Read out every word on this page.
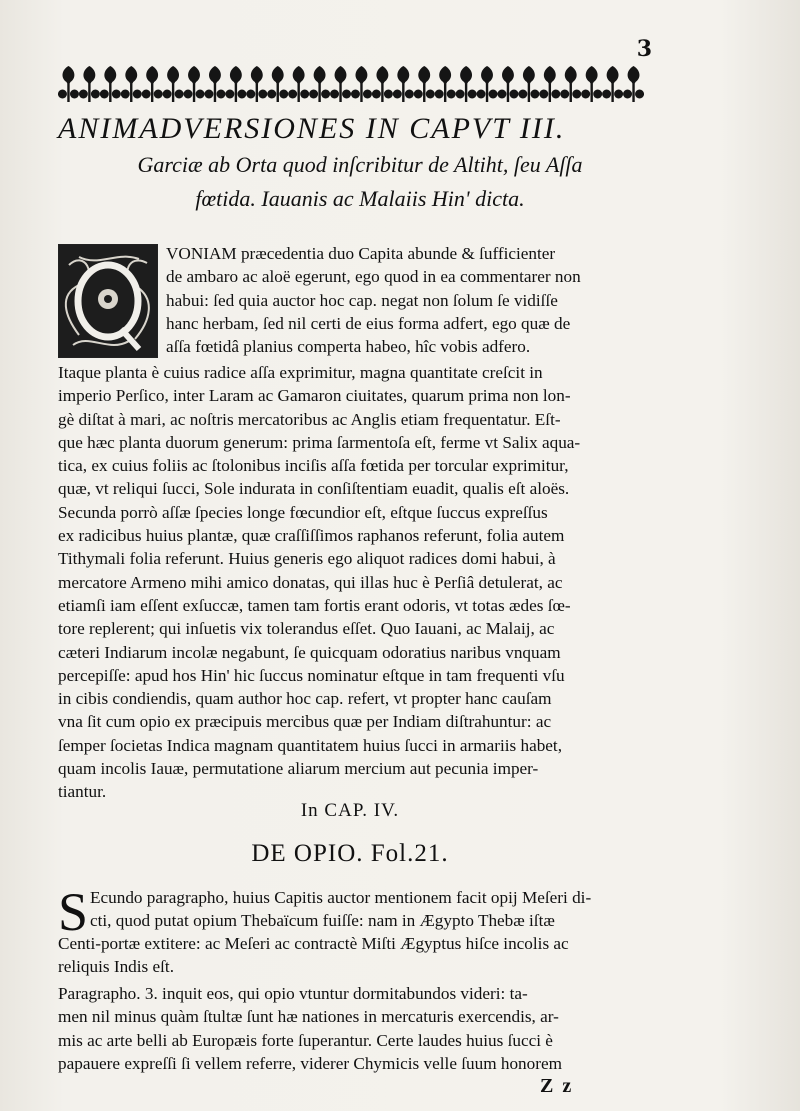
3
ANIMADVERSIONES IN CAPVT III.
Garciæ ab Orta quod inſcribitur de Altiht, ſeu Aſſa
fœtida. Iauanis ac Malaiis Hin' dicta.
VONIAM præcedentia duo Capita abunde & ſufficienter
de ambaro ac aloë egerunt, ego quod in ea commentarer non
habui: ſed quia auctor hoc cap. negat non ſolum ſe vidiſſe
hanc herbam, ſed nil certi de eius forma adfert, ego quæ de
aſſa fœtidâ planius comperta habeo, hîc vobis adfero.
Itaque planta è cuius radice aſſa exprimitur, magna quantitate creſcit in
imperio Perſico, inter Laram ac Gamaron ciuitates, quarum prima non lon-
gè diſtat à mari, ac noſtris mercatoribus ac Anglis etiam frequentatur. Eſt-
que hæc planta duorum generum: prima ſarmentoſa eſt, ferme vt Salix aqua-
tica, ex cuius foliis ac ſtolonibus inciſis aſſa fœtida per torcular exprimitur,
quæ, vt reliqui ſucci, Sole indurata in conſiſtentiam euadit, qualis eſt aloës.
Secunda porrò aſſæ ſpecies longe fœcundior eſt, eſtque ſuccus expreſſus
ex radicibus huius plantæ, quæ craſſiſſimos raphanos referunt, folia autem
Tithymali folia referunt. Huius generis ego aliquot radices domi habui, à
mercatore Armeno mihi amico donatas, qui illas huc è Perſiâ detulerat, ac
etiamſi iam eſſent exſuccæ, tamen tam fortis erant odoris, vt totas ædes ſœ-
tore replerent; qui inſuetis vix tolerandus eſſet. Quo Iauani, ac Malaij, ac
cæteri Indiarum incolæ negabunt, ſe quicquam odoratius naribus vnquam
percepiſſe: apud hos Hin' hic ſuccus nominatur eſtque in tam frequenti vſu
in cibis condiendis, quam author hoc cap. refert, vt propter hanc cauſam
vna ſit cum opio ex præcipuis mercibus quæ per Indiam diſtrahuntur: ac
ſemper ſocietas Indica magnam quantitatem huius ſucci in armariis habet,
quam incolis Iauæ, permutatione aliarum mercium aut pecunia imper-
tiantur.
In CAP. IV.
DE OPIO. Fol.21.
S Ecundo paragrapho, huius Capitis auctor mentionem facit opij Meſeri di-
cti, quod putat opium Thebaïcum fuiſſe: nam in Ægypto Thebæ iſtæ
Centi-portæ extitere: ac Meſeri ac contractè Miſti Ægyptus hiſce incolis ac
reliquis Indis eſt.
Paragrapho. 3. inquit eos, qui opio vtuntur dormitabundos videri: ta-
men nil minus quàm ſtultæ ſunt hæ nationes in mercaturis exercendis, ar-
mis ac arte belli ab Europæis forte ſuperantur. Certe laudes huius ſucci è
papauere expreſſi ſi vellem referre, viderer Chymicis velle ſuum honorem
Z z
